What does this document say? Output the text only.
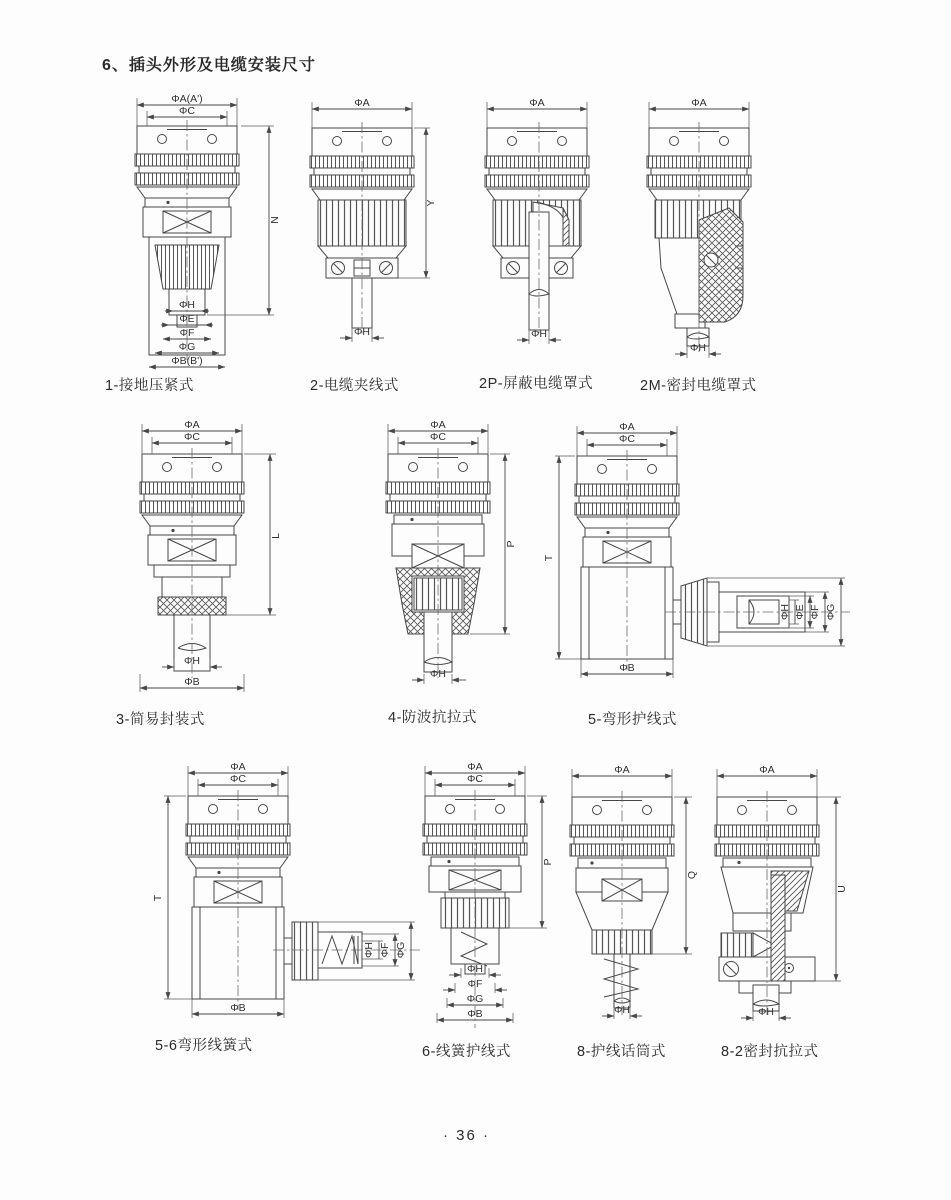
6、插头外形及电缆安装尺寸
ΦA(A')
ΦC
ΦH
ΦE
ΦF
ΦG
ΦB(B')
N
ΦA
ΦH
Y
ΦA
ΦH
ΦA
ΦH
ΦA
ΦC
ΦH
ΦB
L
ΦA
ΦC
ΦH
P
ΦA
ΦC
ΦB
T
ΦH ΦE ΦF ΦG
ΦA
ΦC
ΦB
T
ΦH ΦF ΦG
ΦA
ΦC
ΦH
ΦF
ΦG
ΦB
P
ΦA
ΦH
Q
ΦA
ΦH
U
1-接地压紧式	2-电缆夹线式	2P-屏蔽电缆罩式	2M-密封电缆罩式
3-简易封装式	4-防波抗拉式	5-弯形护线式
5-6弯形线簧式	6-线簧护线式	8-护线话筒式	8-2密封抗拉式
· 36 ·
